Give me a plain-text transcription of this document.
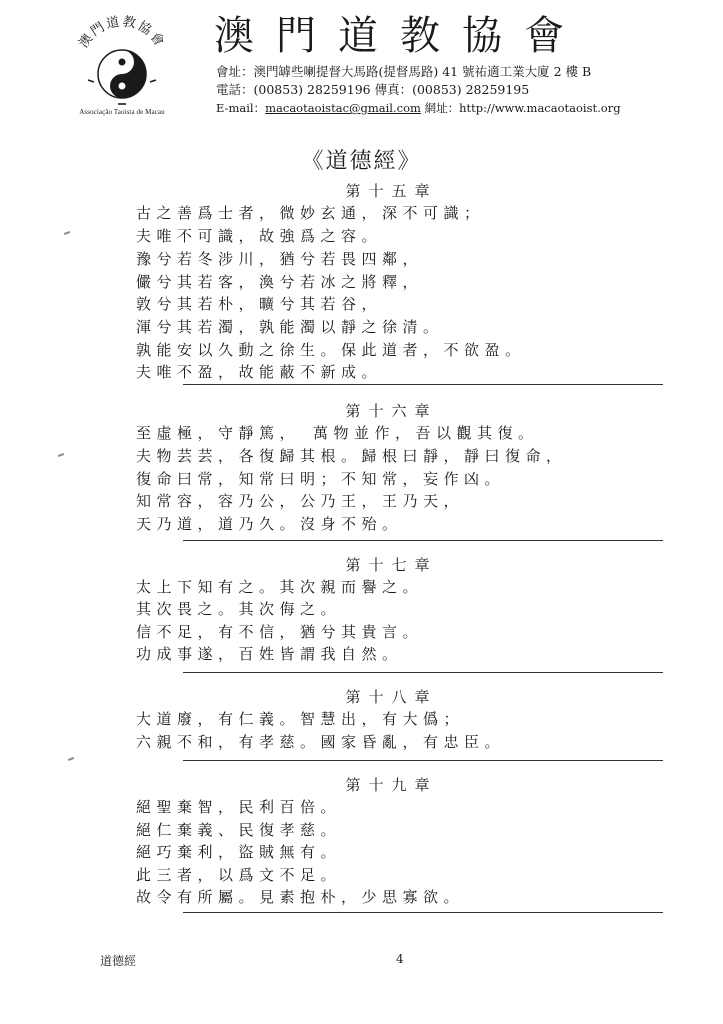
澳門道教協會
Associação Taoista de Macau
澳門道教協會
會址：澳門罅些喇提督大馬路(提督馬路) 41 號祐適工業大廈 2 樓 B
電話：(00853) 28259196 傳真：(00853) 28259195
E-mail：macaotaoistac@gmail.com 網址：http://www.macaotaoist.org
《道德經》
第十五章
古之善爲士者，微妙玄通，深不可識；
夫唯不可識，故強爲之容。
豫兮若冬涉川，猶兮若畏四鄰，
儼兮其若客，渙兮若冰之將釋，
敦兮其若朴，曠兮其若谷，
渾兮其若濁，孰能濁以靜之徐清。
孰能安以久動之徐生。保此道者，不欲盈。
夫唯不盈，故能蔽不新成。
第十六章
至虛極，守靜篤，　萬物並作，吾以觀其復。
夫物芸芸，各復歸其根。歸根曰靜，靜曰復命，
復命曰常，知常曰明；不知常，妄作凶。
知常容，容乃公，公乃王，王乃天，
天乃道，道乃久。沒身不殆。
第十七章
太上下知有之。其次親而譽之。
其次畏之。其次侮之。
信不足，有不信，猶兮其貴言。
功成事遂，百姓皆謂我自然。
第十八章
大道廢，有仁義。智慧出，有大僞；
六親不和，有孝慈。國家昏亂，有忠臣。
第十九章
絕聖棄智，民利百倍。
絕仁棄義、民復孝慈。
絕巧棄利，盜賊無有。
此三者，以爲文不足。
故令有所屬。見素抱朴，少思寡欲。
道德經	4
